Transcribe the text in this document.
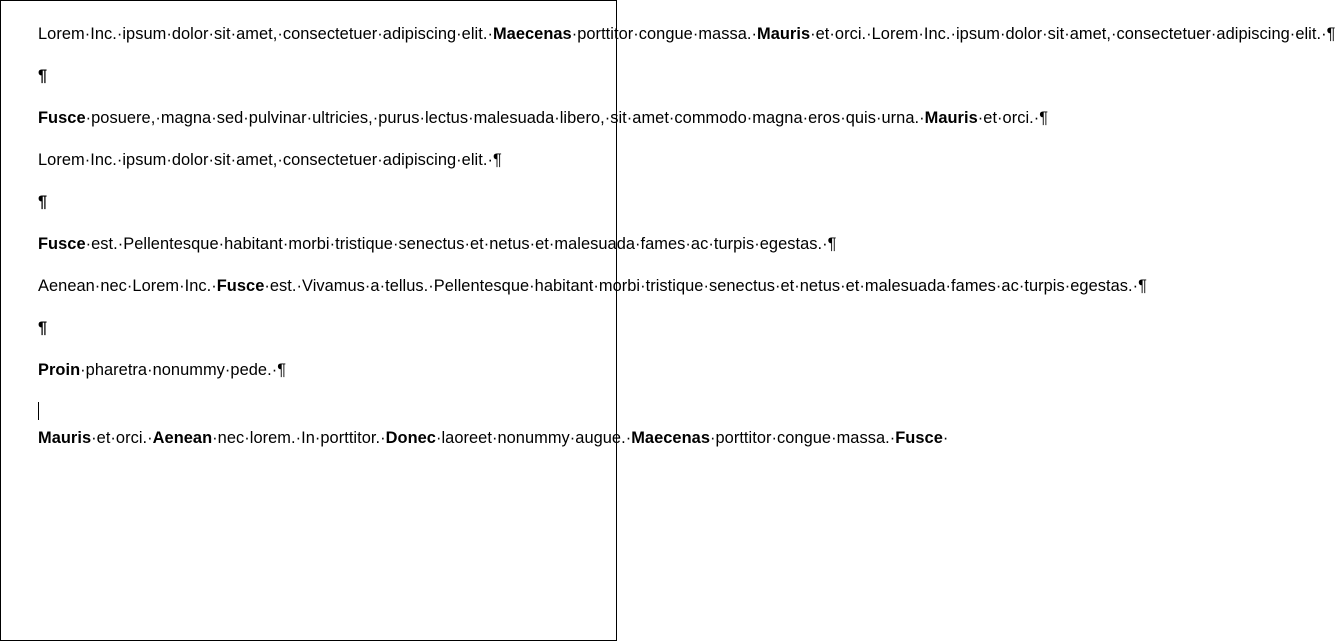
Lorem·Inc.·ipsum·dolor·sit·amet,·consectetuer·adipiscing·elit.·Maecenas·porttitor·congue·massa.·Mauris·et·orci.·Lorem·Inc.·ipsum·dolor·sit·amet,·consectetuer·adipiscing·elit.·¶
¶
Fusce·posuere,·magna·sed·pulvinar·ultricies,·purus·lectus·malesuada·libero,·sit·amet·commodo·magna·eros·quis·urna.·Mauris·et·orci.·¶
Lorem·Inc.·ipsum·dolor·sit·amet,·consectetuer·adipiscing·elit.·¶
¶
Fusce·est.·Pellentesque·habitant·morbi·tristique·senectus·et·netus·et·malesuada·fames·ac·turpis·egestas.·¶
Aenean·nec·Lorem·Inc.·Fusce·est.·Vivamus·a·tellus.·Pellentesque·habitant·morbi·tristique·senectus·et·netus·et·malesuada·fames·ac·turpis·egestas.·¶
¶
Proin·pharetra·nonummy·pede.·¶
Mauris·et·orci.·Aenean·nec·lorem.·In·porttitor.·Donec·laoreet·nonummy·augue.·Maecenas·porttitor·congue·massa.·Fusce·
